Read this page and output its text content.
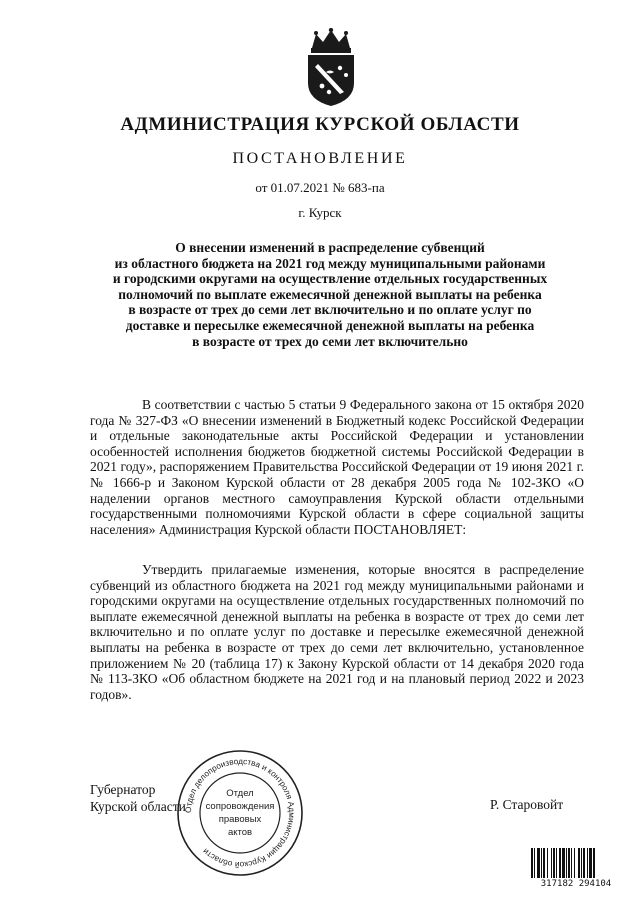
АДМИНИСТРАЦИЯ КУРСКОЙ ОБЛАСТИ
ПОСТАНОВЛЕНИЕ
от 01.07.2021 № 683-па
г. Курск
О внесении изменений в распределение субвенций
из областного бюджета на 2021 год между муниципальными районами
и городскими округами на осуществление отдельных государственных
полномочий по выплате ежемесячной денежной выплаты на ребенка
в возрасте от трех до семи лет включительно и по оплате услуг по
доставке и пересылке ежемесячной денежной выплаты на ребенка
в возрасте от трех до семи лет включительно

В соответствии с частью 5 статьи 9 Федерального закона от 15 октября 2020 года № 327-ФЗ «О внесении изменений в Бюджетный кодекс Российской Федерации и отдельные законодательные акты Российской Федерации и установлении особенностей исполнения бюджетов бюджетной системы Российской Федерации в 2021 году», распоряжением Правительства Российской Федерации от 19 июня 2021 г. № 1666-р и Законом Курской области от 28 декабря 2005 года № 102-ЗКО «О наделении органов местного самоуправления Курской области отдельными государственными полномочиями Курской области в сфере социальной защиты населения» Администрация Курской области ПОСТАНОВЛЯЕТ:

Утвердить прилагаемые изменения, которые вносятся в распределение субвенций из областного бюджета на 2021 год между муниципальными районами и городскими округами на осуществление отдельных государственных полномочий по выплате ежемесячной денежной выплаты на ребенка в возрасте от трех до семи лет включительно и по оплате услуг по доставке и пересылке ежемесячной денежной выплаты на ребенка в возрасте от трех до семи лет включительно, установленное приложением № 20 (таблица 17) к Закону Курской области от 14 декабря 2020 года № 113-ЗКО «Об областном бюджете на 2021 год и на плановый период 2022 и 2023 годов».

Губернатор
Курской области	Р. Старовойт
Отдел делопроизводства и контроля Администрации Курской области
Отдел
сопровождения
правовых
актов
317182 294104
